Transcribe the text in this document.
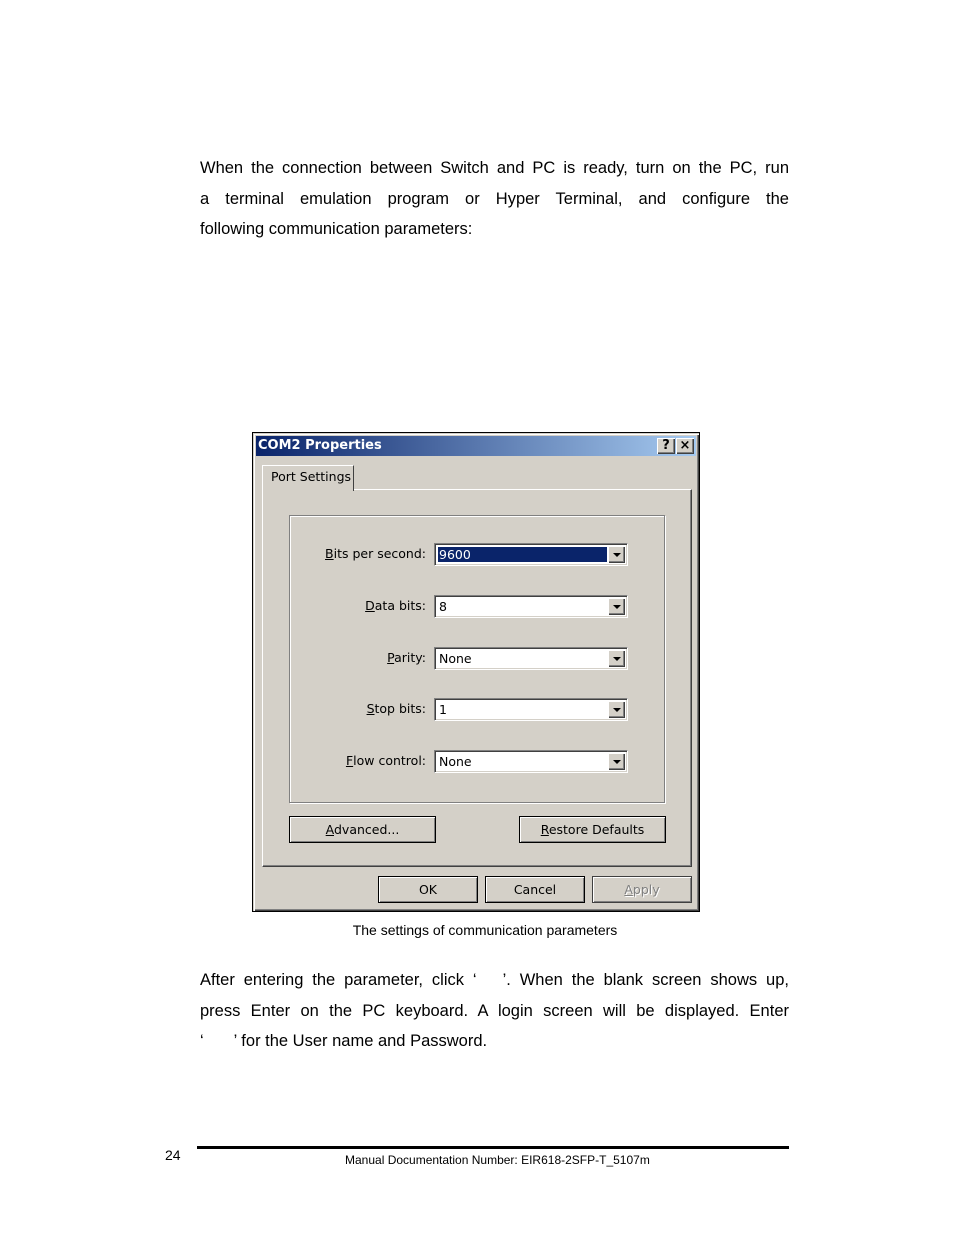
When the connection between Switch and PC is ready, turn on the PC, run
a terminal emulation program or Hyper Terminal, and configure the
following communication parameters:
COM2 Properties	? ×
Port Settings
Bits per second: 9600
Data bits: 8
Parity: None
Stop bits: 1
Flow control: None
Advanced...	Restore Defaults
OK	Cancel	Apply
The settings of communication parameters
After entering the parameter, click ‘ ’. When the blank screen shows up,
press Enter on the PC keyboard. A login screen will be displayed. Enter
‘ ’ for the User name and Password.
24	Manual Documentation Number: EIR618-2SFP-T_5107m
